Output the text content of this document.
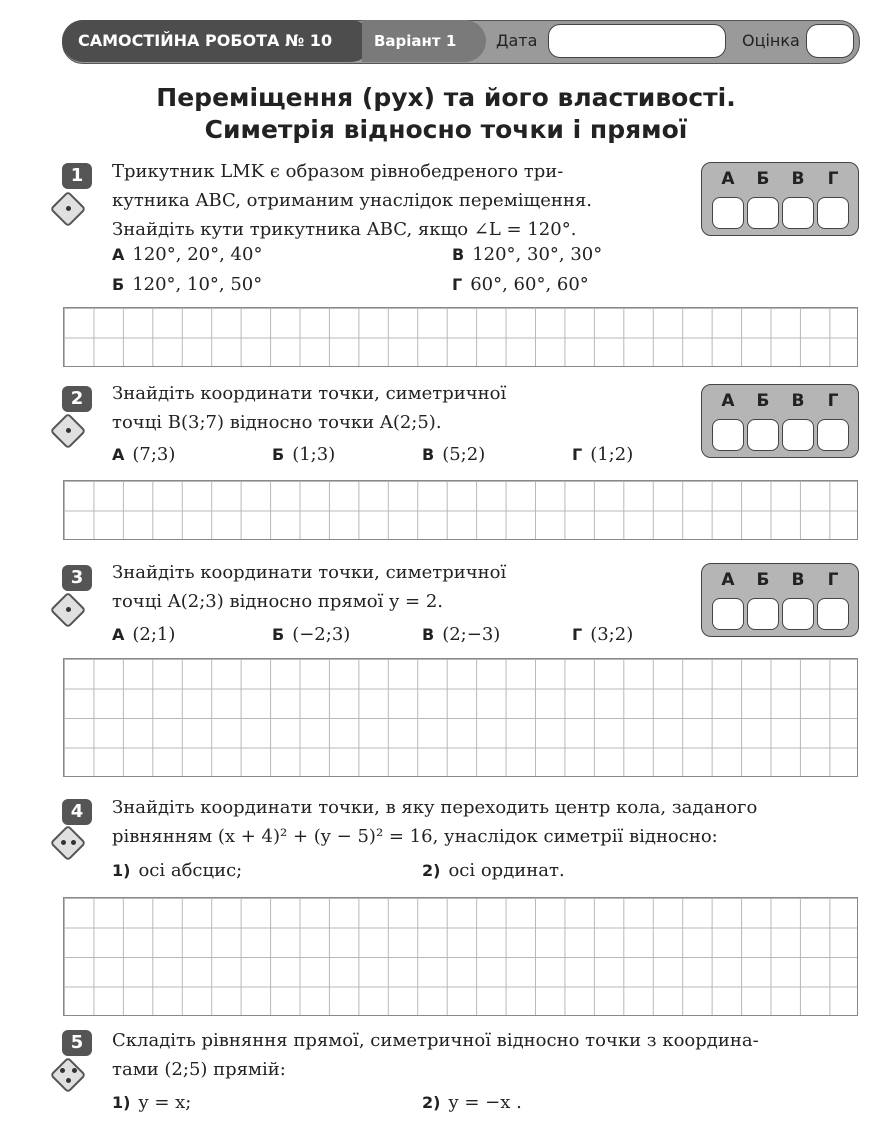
САМОСТІЙНА РОБОТА № 10	Варіант 1	Дата	Оцінка
Переміщення (рух) та його властивості.
Симетрія відносно точки і прямої
1	Трикутник LMK є образом рівнобедреного три-
кутника ABC, отриманим унаслідок переміщення.
Знайдіть кути трикутника ABC, якщо ∠L = 120°.
А 120°, 20°, 40°	В 120°, 30°, 30°
Б 120°, 10°, 50°	Г 60°, 60°, 60°
А	Б	В	Г
2	Знайдіть координати точки, симетричної
точці B(3;7) відносно точки A(2;5).
А (7;3)	Б (1;3)	В (5;2)	Г (1;2)
А	Б	В	Г
3	Знайдіть координати точки, симетричної
точці A(2;3) відносно прямої y = 2.
А (2;1)	Б (−2;3)	В (2;−3)	Г (3;2)
А	Б	В	Г
4	Знайдіть координати точки, в яку переходить центр кола, заданого
рівнянням (x + 4)² + (y − 5)² = 16, унаслідок симетрії відносно:
1) осі абсцис;	2) осі ординат.
5	Складіть рівняння прямої, симетричної відносно точки з координа-
тами (2;5) прямій:
1) y = x;	2) y = −x .
